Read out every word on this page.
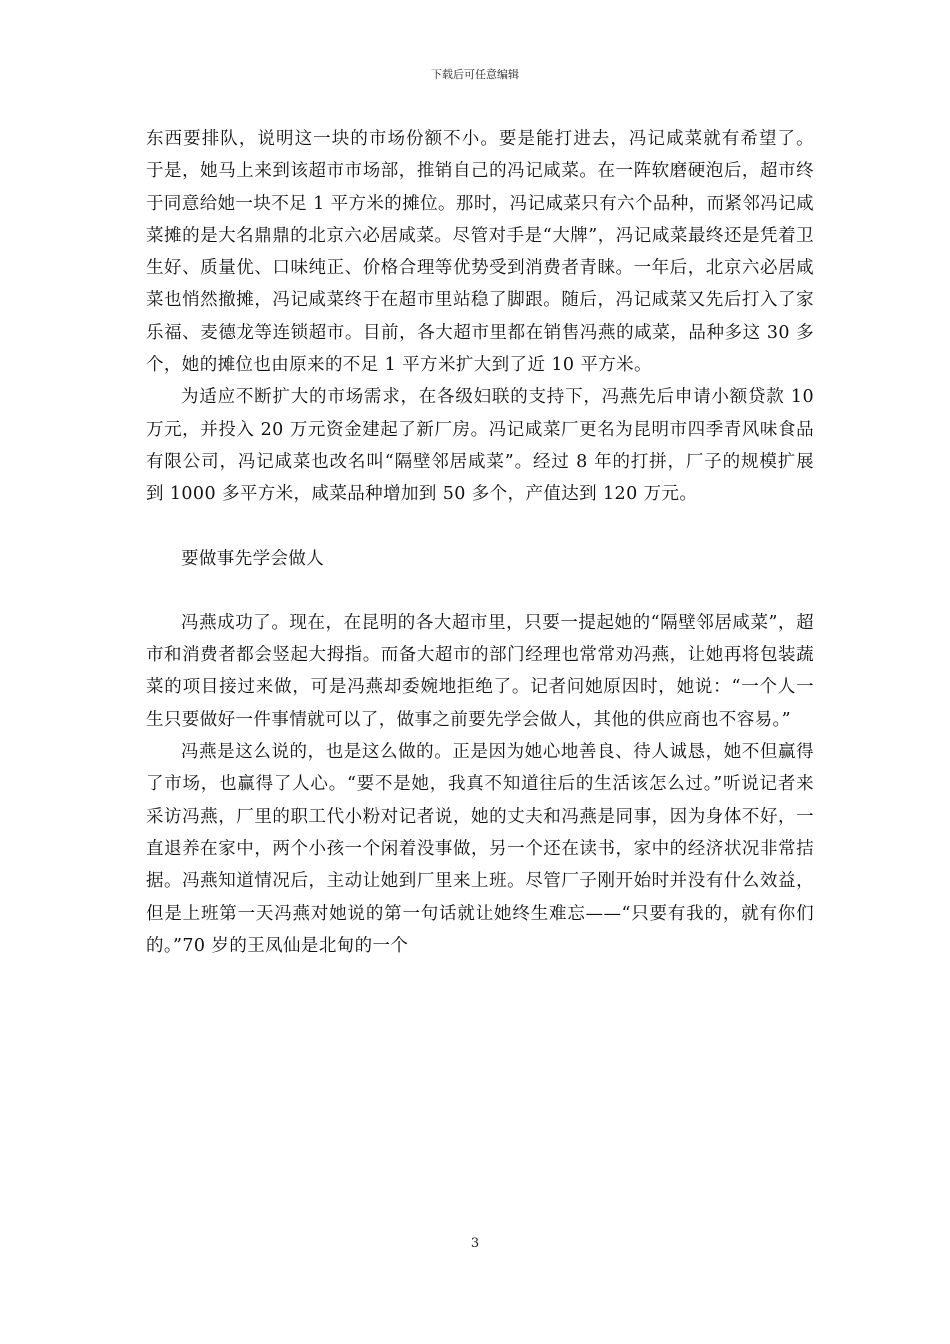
下载后可任意编辑

东西要排队，说明这一块的市场份额不小。要是能打进去，冯记咸菜就有希望了。 于是，她马上来到该超市市场部，推销自己的冯记咸菜。在一阵软磨硬泡后，超市终于同意给她一块不足 1 平方米的摊位。那时，冯记咸菜只有六个品种，而紧邻冯记咸菜摊的是大名鼎鼎的北京六必居咸菜。尽管对手是“大牌”，冯记咸菜最终还是凭着卫生好、质量优、口味纯正、价格合理等优势受到消费者青睐。一年后，北京六必居咸菜也悄然撤摊，冯记咸菜终于在超市里站稳了脚跟。随后，冯记咸菜又先后打入了家乐福、麦德龙等连锁超市。目前，各大超市里都在销售冯燕的咸菜，品种多这 30 多个，她的摊位也由原来的不足 1 平方米扩大到了近 10 平方米。

为适应不断扩大的市场需求，在各级妇联的支持下，冯燕先后申请小额贷款 10 万元，并投入 20 万元资金建起了新厂房。冯记咸菜厂更名为昆明市四季青风味食品有限公司，冯记咸菜也改名叫“隔壁邻居咸菜”。经过 8 年的打拼，厂子的规模扩展到 1000 多平方米，咸菜品种增加到 50 多个，产值达到 120 万元。

要做事先学会做人

冯燕成功了。现在，在昆明的各大超市里，只要一提起她的“隔壁邻居咸菜”，超市和消费者都会竖起大拇指。而备大超市的部门经理也常常劝冯燕，让她再将包装蔬菜的项目接过来做，可是冯燕却委婉地拒绝了。记者问她原因时，她说：“一个人一生只要做好一件事情就可以了，做事之前要先学会做人，其他的供应商也不容易。”

冯燕是这么说的，也是这么做的。正是因为她心地善良、待人诚恳，她不但赢得了市场，也赢得了人心。“要不是她，我真不知道往后的生活该怎么过。”听说记者来采访冯燕，厂里的职工代小粉对记者说，她的丈夫和冯燕是同事，因为身体不好，一直退养在家中，两个小孩一个闲着没事做，另一个还在读书，家中的经济状况非常拮据。冯燕知道情况后，主动让她到厂里来上班。尽管厂子刚开始时并没有什么效益，但是上班第一天冯燕对她说的第一句话就让她终生难忘——“只要有我的，就有你们的。”70 岁的王凤仙是北甸的一个

3
